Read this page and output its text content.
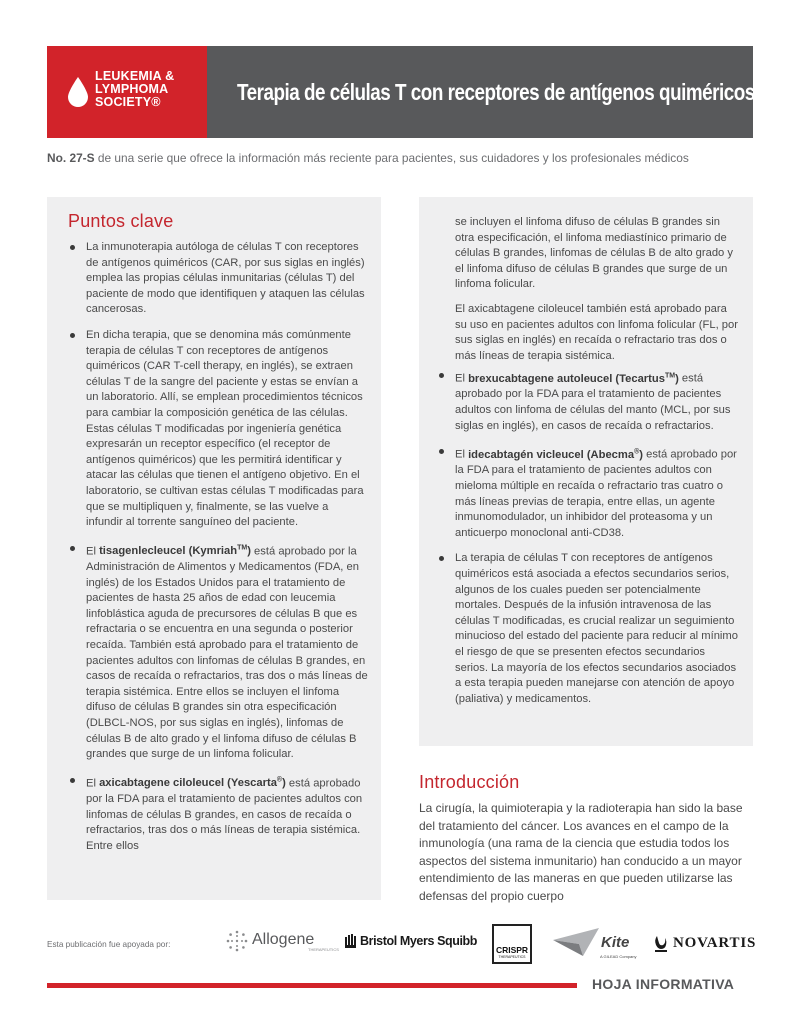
LEUKEMIA &
LYMPHOMA
SOCIETY®	Terapia de células T con receptores de antígenos quiméricos
No. 27-S de una serie que ofrece la información más reciente para pacientes, sus cuidadores y los profesionales médicos
Puntos clave
La inmunoterapia autóloga de células T con receptores de antígenos quiméricos (CAR, por sus siglas en inglés) emplea las propias células inmunitarias (células T) del paciente de modo que identifiquen y ataquen las células cancerosas.
En dicha terapia, que se denomina más comúnmente terapia de células T con receptores de antígenos quiméricos (CAR T-cell therapy, en inglés), se extraen células T de la sangre del paciente y estas se envían a un laboratorio. Allí, se emplean procedimientos técnicos para cambiar la composición genética de las células. Estas células T modificadas por ingeniería genética expresarán un receptor específico (el receptor de antígenos quiméricos) que les permitirá identificar y atacar las células que tienen el antígeno objetivo. En el laboratorio, se cultivan estas células T modificadas para que se multipliquen y, finalmente, se las vuelve a infundir al torrente sanguíneo del paciente.
El tisagenlecleucel (Kymriah™) está aprobado por la Administración de Alimentos y Medicamentos (FDA, en inglés) de los Estados Unidos para el tratamiento de pacientes de hasta 25 años de edad con leucemia linfoblástica aguda de precursores de células B que es refractaria o se encuentra en una segunda o posterior recaída. También está aprobado para el tratamiento de pacientes adultos con linfomas de células B grandes, en casos de recaída o refractarios, tras dos o más líneas de terapia sistémica. Entre ellos se incluyen el linfoma difuso de células B grandes sin otra especificación (DLBCL-NOS, por sus siglas en inglés), linfomas de células B de alto grado y el linfoma difuso de células B grandes que surge de un linfoma folicular.
El axicabtagene ciloleucel (Yescarta®) está aprobado por la FDA para el tratamiento de pacientes adultos con linfomas de células B grandes, en casos de recaída o refractarios, tras dos o más líneas de terapia sistémica. Entre ellos

se incluyen el linfoma difuso de células B grandes sin otra especificación, el linfoma mediastínico primario de células B grandes, linfomas de células B de alto grado y el linfoma difuso de células B grandes que surge de un linfoma folicular.

El axicabtagene ciloleucel también está aprobado para su uso en pacientes adultos con linfoma folicular (FL, por sus siglas en inglés) en recaída o refractario tras dos o más líneas de terapia sistémica.

El brexucabtagene autoleucel (Tecartus™) está aprobado por la FDA para el tratamiento de pacientes adultos con linfoma de células del manto (MCL, por sus siglas en inglés), en casos de recaída o refractarios.
El idecabtagén vicleucel (Abecma®) está aprobado por la FDA para el tratamiento de pacientes adultos con mieloma múltiple en recaída o refractario tras cuatro o más líneas previas de terapia, entre ellas, un agente inmunomodulador, un inhibidor del proteasoma y un anticuerpo monoclonal anti-CD38.
La terapia de células T con receptores de antígenos quiméricos está asociada a efectos secundarios serios, algunos de los cuales pueden ser potencialmente mortales. Después de la infusión intravenosa de las células T modificadas, es crucial realizar un seguimiento minucioso del estado del paciente para reducir al mínimo el riesgo de que se presenten efectos secundarios serios. La mayoría de los efectos secundarios asociados a esta terapia pueden manejarse con atención de apoyo (paliativa) y medicamentos.
Introducción

La cirugía, la quimioterapia y la radioterapia han sido la base del tratamiento del cáncer. Los avances en el campo de la inmunología (una rama de la ciencia que estudia todos los aspectos del sistema inmunitario) han conducido a un mayor entendimiento de las maneras en que pueden utilizarse las defensas del propio cuerpo

Esta publicación fue apoyada por:	Allogene
THERAPEUTICS
Bristol Myers Squibb
CRISPR
THERAPEUTICS
Kite
A GILEAD Company
NOVARTIS
HOJA INFORMATIVA
